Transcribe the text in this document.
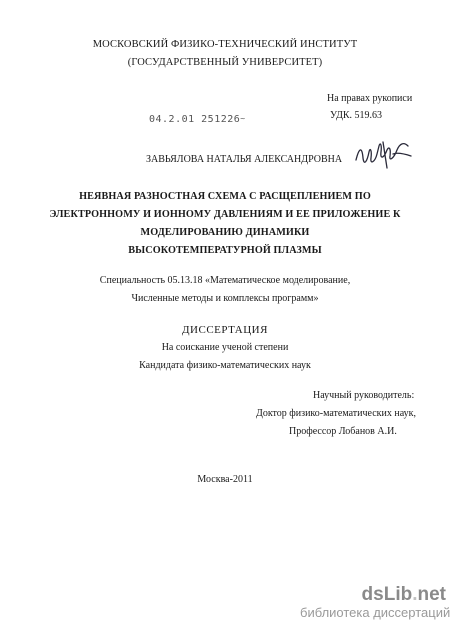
МОСКОВСКИЙ ФИЗИКО-ТЕХНИЧЕСКИЙ ИНСТИТУТ
(ГОСУДАРСТВЕННЫЙ УНИВЕРСИТЕТ)
На правах рукописи
УДК. 519.63
04.2.01 251226~
ЗАВЬЯЛОВА НАТАЛЬЯ АЛЕКСАНДРОВНА
НЕЯВНАЯ РАЗНОСТНАЯ СХЕМА С РАСЩЕПЛЕНИЕМ ПО
ЭЛЕКТРОННОМУ И ИОННОМУ ДАВЛЕНИЯМ И ЕЕ ПРИЛОЖЕНИЕ К
МОДЕЛИРОВАНИЮ ДИНАМИКИ
ВЫСОКОТЕМПЕРАТУРНОЙ ПЛАЗМЫ
Специальность 05.13.18 «Математическое моделирование,
Численные методы и комплексы программ»
ДИССЕРТАЦИЯ
На соискание ученой степени
Кандидата физико-математических наук
Научный руководитель:
Доктор физико-математических наук,
Профессор Лобанов А.И.
Москва-2011
dsLib.net
библиотека диссертаций
